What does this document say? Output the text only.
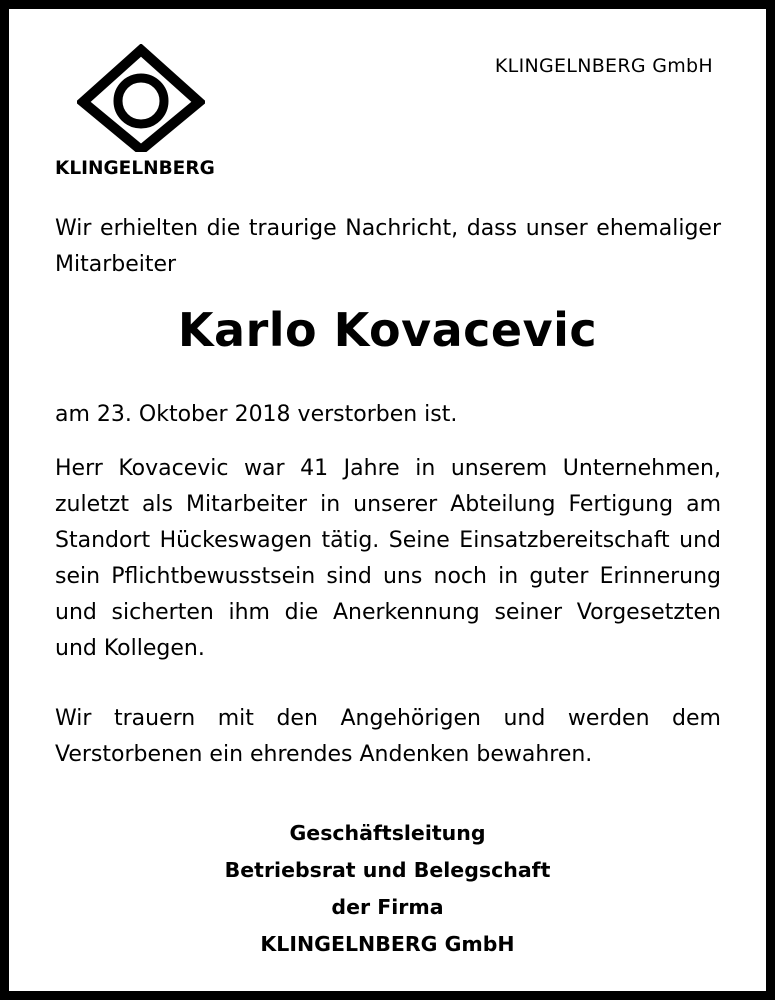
KLINGELNBERG
KLINGELNBERG GmbH
Wir erhielten die traurige Nachricht, dass unser ehemaliger Mitarbeiter
Karlo Kovacevic
am 23. Oktober 2018 verstorben ist.
Herr Kovacevic war 41 Jahre in unserem Unternehmen, zuletzt als Mitarbeiter in unserer Abteilung Fertigung am Standort Hückeswagen tätig. Seine Einsatzbereitschaft und sein Pflichtbewusstsein sind uns noch in guter Erinnerung und sicherten ihm die Anerkennung seiner Vorgesetzten und Kollegen.
Wir trauern mit den Angehörigen und werden dem Verstorbenen ein ehrendes Andenken bewahren.
Geschäftsleitung
Betriebsrat und Belegschaft
der Firma
KLINGELNBERG GmbH
